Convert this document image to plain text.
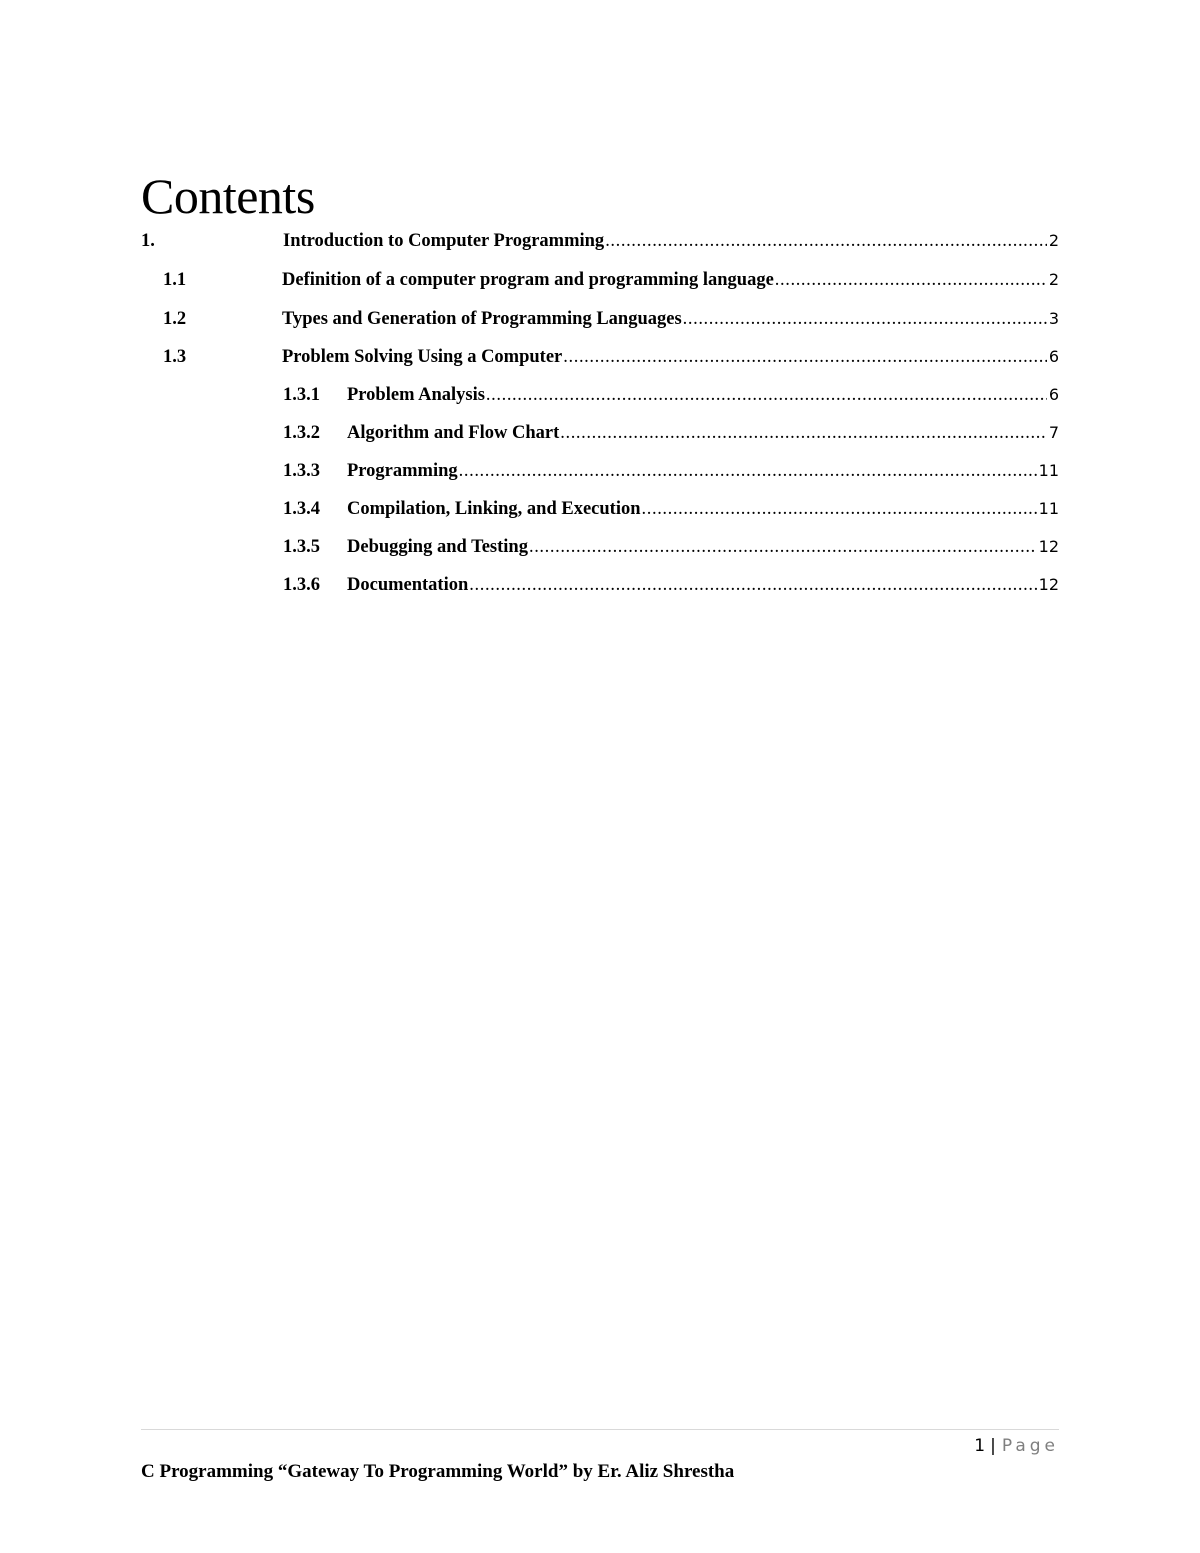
Contents
1.	Introduction to Computer Programming .....	2
1.1	Definition of a computer program and programming language .....	2
1.2	Types and Generation of Programming Languages .....	3
1.3	Problem Solving Using a Computer .....	6
1.3.1	Problem Analysis .....	6
1.3.2	Algorithm and Flow Chart .....	7
1.3.3	Programming .....	11
1.3.4	Compilation, Linking, and Execution .....	11
1.3.5	Debugging and Testing .....	12
1.3.6	Documentation .....	12
1 | Page
C Programming “Gateway To Programming World” by Er. Aliz Shrestha
